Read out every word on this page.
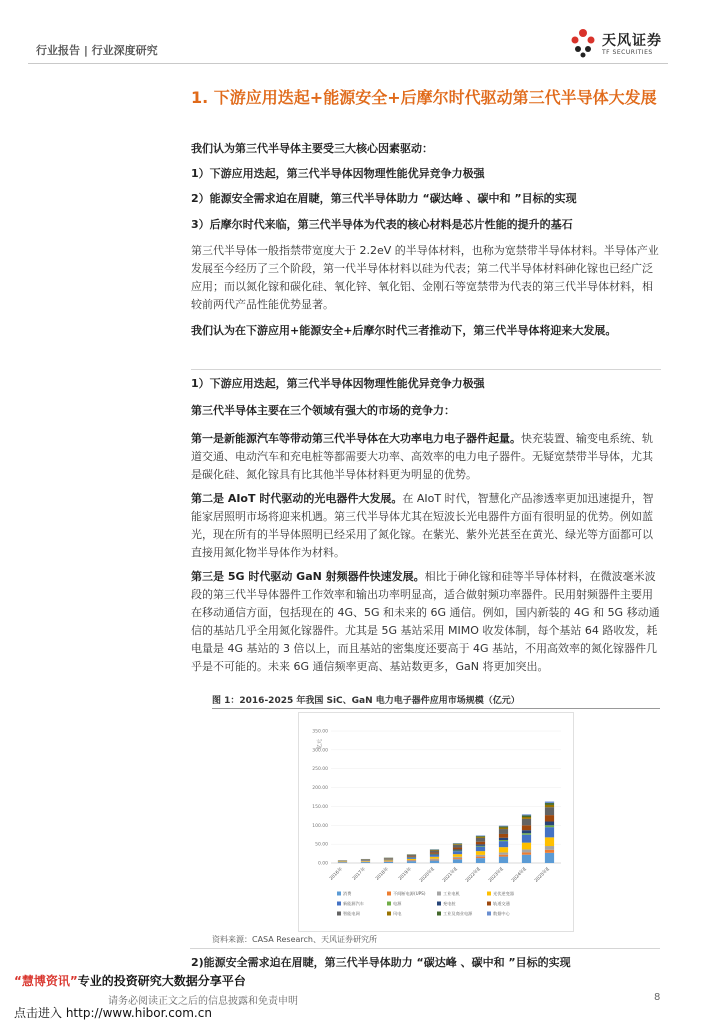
行业报告 | 行业深度研究
天风证券
TF SECURITIES
1. 下游应用迭起+能源安全+后摩尔时代驱动第三代半导体大发展
我们认为第三代半导体主要受三大核心因素驱动：
1）下游应用迭起，第三代半导体因物理性能优异竞争力极强
2）能源安全需求迫在眉睫，第三代半导体助力 “碳达峰 、碳中和 ”目标的实现
3）后摩尔时代来临，第三代半导体为代表的核心材料是芯片性能的提升的基石
第三代半导体一般指禁带宽度大于 2.2eV 的半导体材料，也称为宽禁带半导体材料。半导体产业发展至今经历了三个阶段，第一代半导体材料以硅为代表；第二代半导体材料砷化镓也已经广泛应用；而以氮化镓和碳化硅、氧化锌、氧化铝、金刚石等宽禁带为代表的第三代半导体材料，相较前两代产品性能优势显著。
我们认为在下游应用+能源安全+后摩尔时代三者推动下，第三代半导体将迎来大发展。
1）下游应用迭起，第三代半导体因物理性能优异竞争力极强
第三代半导体主要在三个领域有强大的市场的竞争力：
第一是新能源汽车等带动第三代半导体在大功率电力电子器件起量。快充装置、输变电系统、轨道交通、电动汽车和充电桩等都需要大功率、高效率的电力电子器件。无疑宽禁带半导体，尤其是碳化硅、氮化镓具有比其他半导体材料更为明显的优势。
第二是 AIoT 时代驱动的光电器件大发展。在 AIoT 时代，智慧化产品渗透率更加迅速提升，智能家居照明市场将迎来机遇。第三代半导体尤其在短波长光电器件方面有很明显的优势。例如蓝光，现在所有的半导体照明已经采用了氮化镓。在紫光、紫外光甚至在黄光、绿光等方面都可以直接用氮化物半导体作为材料。
第三是 5G 时代驱动 GaN 射频器件快速发展。相比于砷化镓和硅等半导体材料，在微波毫米波段的第三代半导体器件工作效率和输出功率明显高，适合做射频功率器件。民用射频器件主要用在移动通信方面，包括现在的 4G、5G 和未来的 6G 通信。例如，国内新装的 4G 和 5G 移动通信的基站几乎全用氮化镓器件。尤其是 5G 基站采用 MIMO 收发体制，每个基站 64 路收发，耗电量是 4G 基站的 3 倍以上，而且基站的密集度还要高于 4G 基站，不用高效率的氮化镓器件几乎是不可能的。未来 6G 通信频率更高、基站数更多，GaN 将更加突出。
图 1：2016-2025 年我国 SiC、GaN 电力电子器件应用市场规模（亿元）
亿元
0.00
50.00
100.00
150.00
200.00
250.00
300.00
350.00
2016年	2017年	2018年	2019年	2020年E	2021年E	2022年E	2023年E	2024年E	2025年E
消费	不间断电源(UPS)	工业电机	光伏逆变器
新能源汽车	电源	充电桩	轨道交通
智能电网	风电	工业及商业电源	数据中心
资料来源：CASA Research、天风证券研究所
2)能源安全需求迫在眉睫，第三代半导体助力 “碳达峰 、碳中和 ”目标的实现
“慧博资讯”专业的投资研究大数据分享平台
请务必阅读正文之后的信息披露和免责申明
点击进入 http://www.hibor.com.cn
8
